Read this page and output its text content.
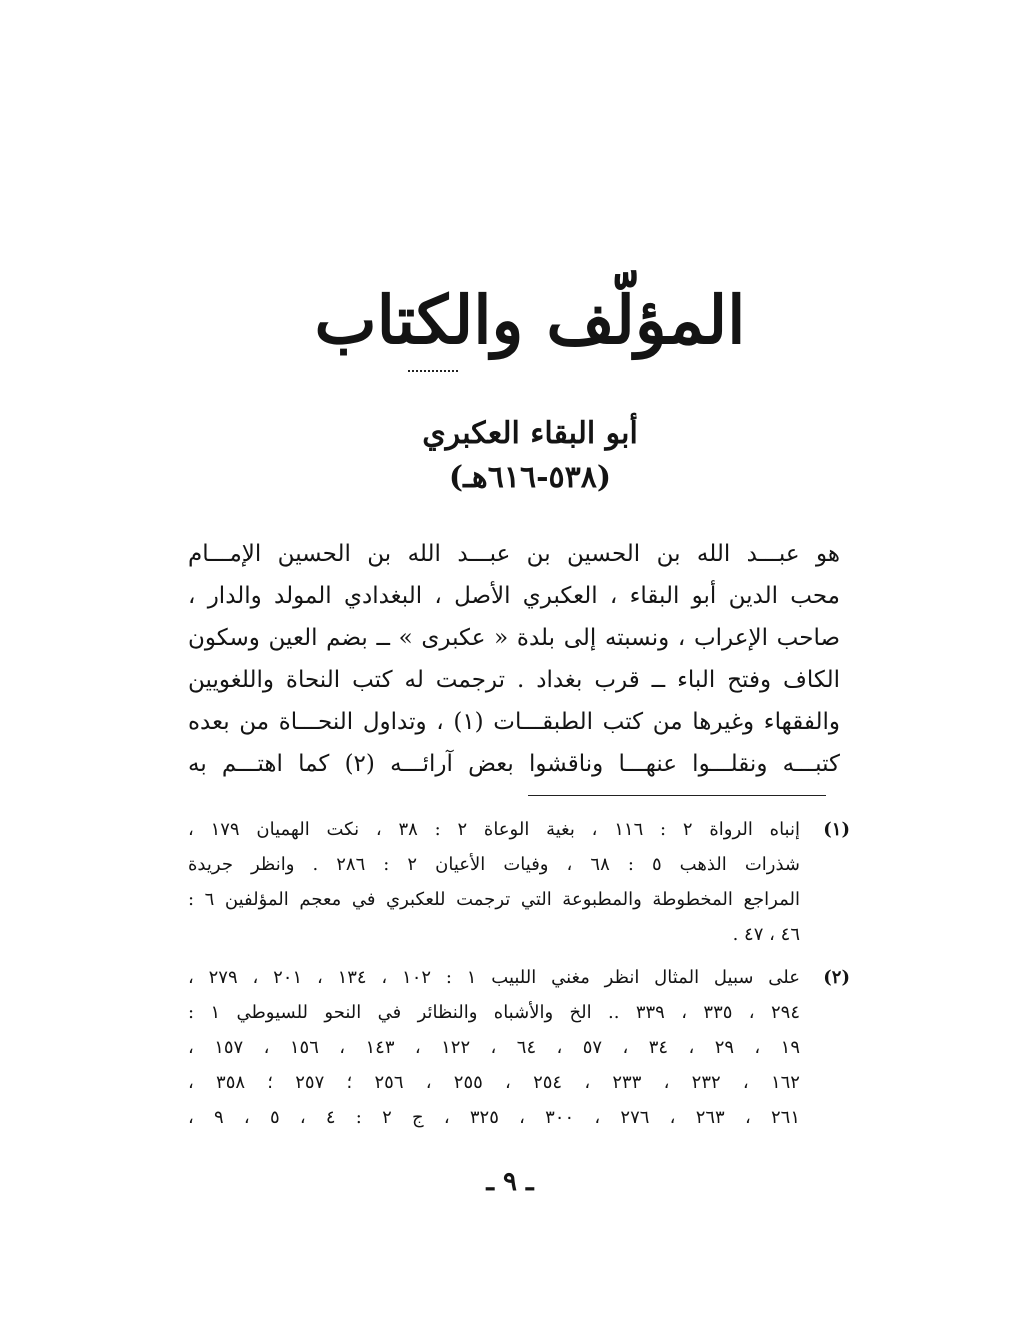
المؤلّف والكتاب
أبو البقاء العكبري
(٥٣٨-٦١٦هـ)
هو عبـــد الله بن الحسين بن عبـــد الله بن الحسين الإمـــام
محب الدين أبو البقاء ، العكبري الأصل ، البغدادي المولد والدار ،
صاحب الإعراب ، ونسبته إلى بلدة « عكبرى » ــ بضم العين وسكون
الكاف وفتح الباء ــ قرب بغداد . ترجمت له كتب النحاة واللغويين
والفقهاء وغيرها من كتب الطبقـــات (١) ، وتداول النحـــاة من بعده
كتبـــه ونقلـــوا عنهـــا وناقشوا بعض آرائـــه (٢) كما اهتـــم به
(١)
إنباه الرواة ٢ : ١١٦ ، بغية الوعاة ٢ : ٣٨ ، نكت الهميان ١٧٩ ،
شذرات الذهب ٥ : ٦٨ ، وفيات الأعيان ٢ : ٢٨٦ . وانظر جريدة
المراجع المخطوطة والمطبوعة التي ترجمت للعكبري في معجم المؤلفين ٦ :
٤٦ ، ٤٧ .
(٢)
على سبيل المثال انظر مغني اللبيب ١ : ١٠٢ ، ١٣٤ ، ٢٠١ ، ٢٧٩ ،
٢٩٤ ، ٣٣٥ ، ٣٣٩ .. الخ والأشباه والنظائر في النحو للسيوطي ١ :
١٩ ، ٢٩ ، ٣٤ ، ٥٧ ، ٦٤ ، ١٢٢ ، ١٤٣ ، ١٥٦ ، ١٥٧ ،
١٦٢ ، ٢٣٢ ، ٢٣٣ ، ٢٥٤ ، ٢٥٥ ، ٢٥٦ ؛ ٢٥٧ ؛ ٣٥٨ ،
٢٦١ ، ٢٦٣ ، ٢٧٦ ، ٣٠٠ ، ٣٢٥ ، ج ٢ : ٤ ، ٥ ، ٩ ،
ـ ٩ ـ
